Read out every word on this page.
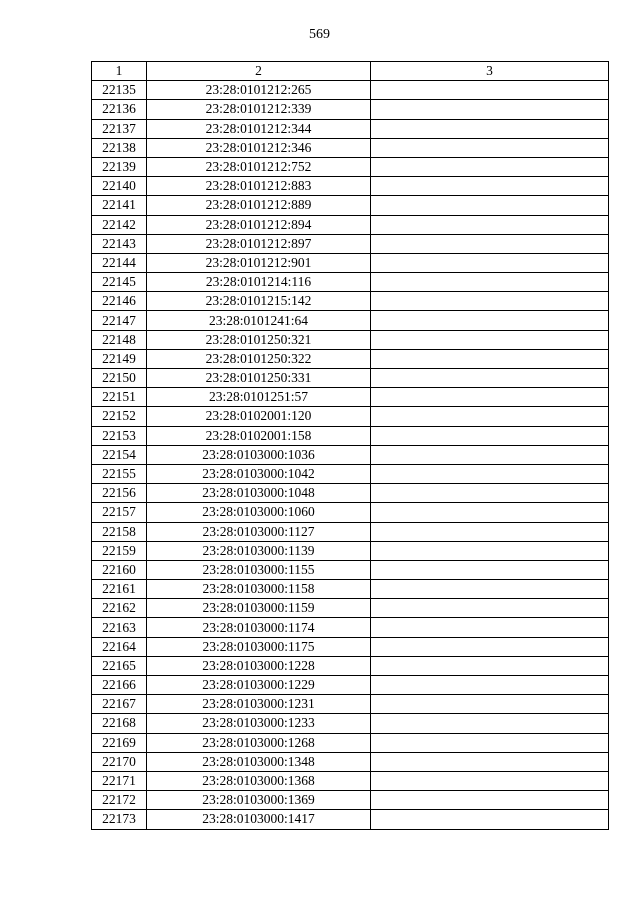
569
1	2	3
22135	23:28:0101212:265	
22136	23:28:0101212:339	
22137	23:28:0101212:344	
22138	23:28:0101212:346	
22139	23:28:0101212:752	
22140	23:28:0101212:883	
22141	23:28:0101212:889	
22142	23:28:0101212:894	
22143	23:28:0101212:897	
22144	23:28:0101212:901	
22145	23:28:0101214:116	
22146	23:28:0101215:142	
22147	23:28:0101241:64	
22148	23:28:0101250:321	
22149	23:28:0101250:322	
22150	23:28:0101250:331	
22151	23:28:0101251:57	
22152	23:28:0102001:120	
22153	23:28:0102001:158	
22154	23:28:0103000:1036	
22155	23:28:0103000:1042	
22156	23:28:0103000:1048	
22157	23:28:0103000:1060	
22158	23:28:0103000:1127	
22159	23:28:0103000:1139	
22160	23:28:0103000:1155	
22161	23:28:0103000:1158	
22162	23:28:0103000:1159	
22163	23:28:0103000:1174	
22164	23:28:0103000:1175	
22165	23:28:0103000:1228	
22166	23:28:0103000:1229	
22167	23:28:0103000:1231	
22168	23:28:0103000:1233	
22169	23:28:0103000:1268	
22170	23:28:0103000:1348	
22171	23:28:0103000:1368	
22172	23:28:0103000:1369	
22173	23:28:0103000:1417	
